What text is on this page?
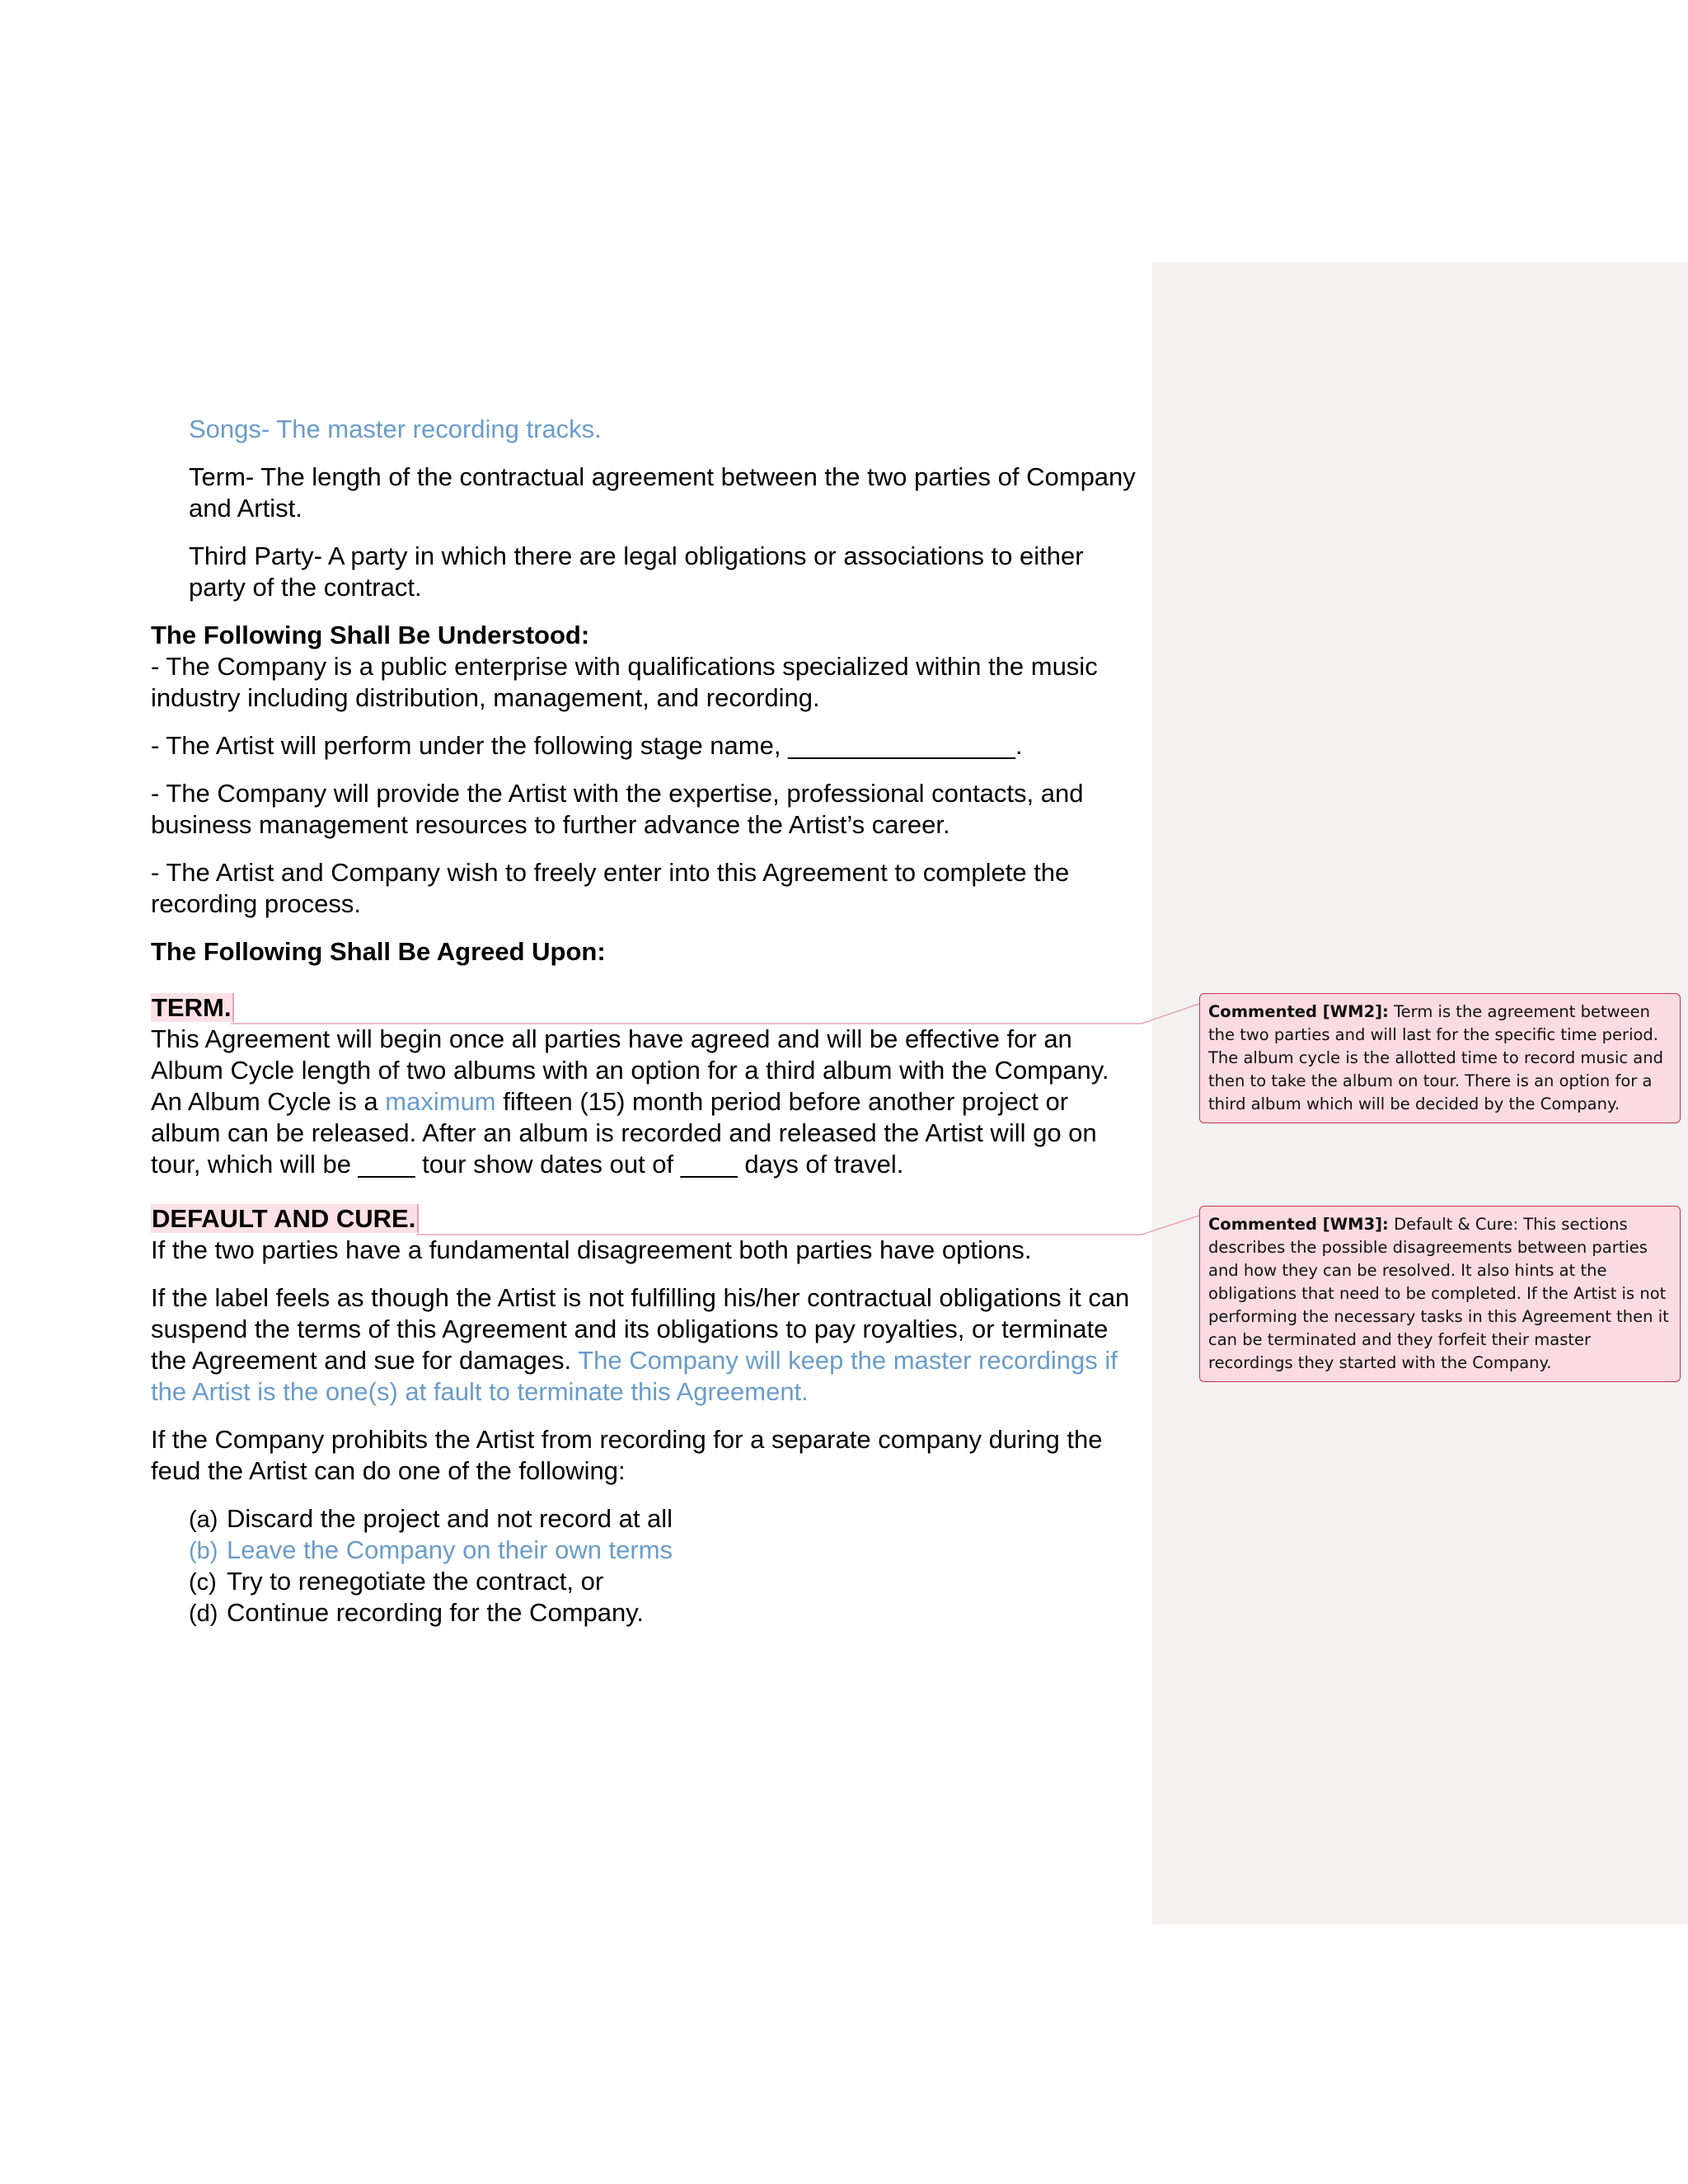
Songs- The master recording tracks.

Term- The length of the contractual agreement between the two parties of Company and Artist.

Third Party- A party in which there are legal obligations or associations to either party of the contract.

The Following Shall Be Understood:

- The Company is a public enterprise with qualifications specialized within the music industry including distribution, management, and recording.

- The Artist will perform under the following stage name, ________________.

- The Company will provide the Artist with the expertise, professional contacts, and business management resources to further advance the Artist’s career.

- The Artist and Company wish to freely enter into this Agreement to complete the recording process.

The Following Shall Be Agreed Upon:

TERM.

This Agreement will begin once all parties have agreed and will be effective for an Album Cycle length of two albums with an option for a third album with the Company. An Album Cycle is a maximum fifteen (15) month period before another project or album can be released. After an album is recorded and released the Artist will go on tour, which will be ____ tour show dates out of ____ days of travel.

DEFAULT AND CURE.

If the two parties have a fundamental disagreement both parties have options.

If the label feels as though the Artist is not fulfilling his/her contractual obligations it can suspend the terms of this Agreement and its obligations to pay royalties, or terminate the Agreement and sue for damages. The Company will keep the master recordings if the Artist is the one(s) at fault to terminate this Agreement.

If the Company prohibits the Artist from recording for a separate company during the feud the Artist can do one of the following:

(a) Discard the project and not record at all
(b) Leave the Company on their own terms
(c) Try to renegotiate the contract, or
(d) Continue recording for the Company.
Commented [WM2]: Term is the agreement between the two parties and will last for the specific time period. The album cycle is the allotted time to record music and then to take the album on tour. There is an option for a third album which will be decided by the Company.
Commented [WM3]: Default & Cure: This sections describes the possible disagreements between parties and how they can be resolved. It also hints at the obligations that need to be completed. If the Artist is not performing the necessary tasks in this Agreement then it can be terminated and they forfeit their master recordings they started with the Company.
